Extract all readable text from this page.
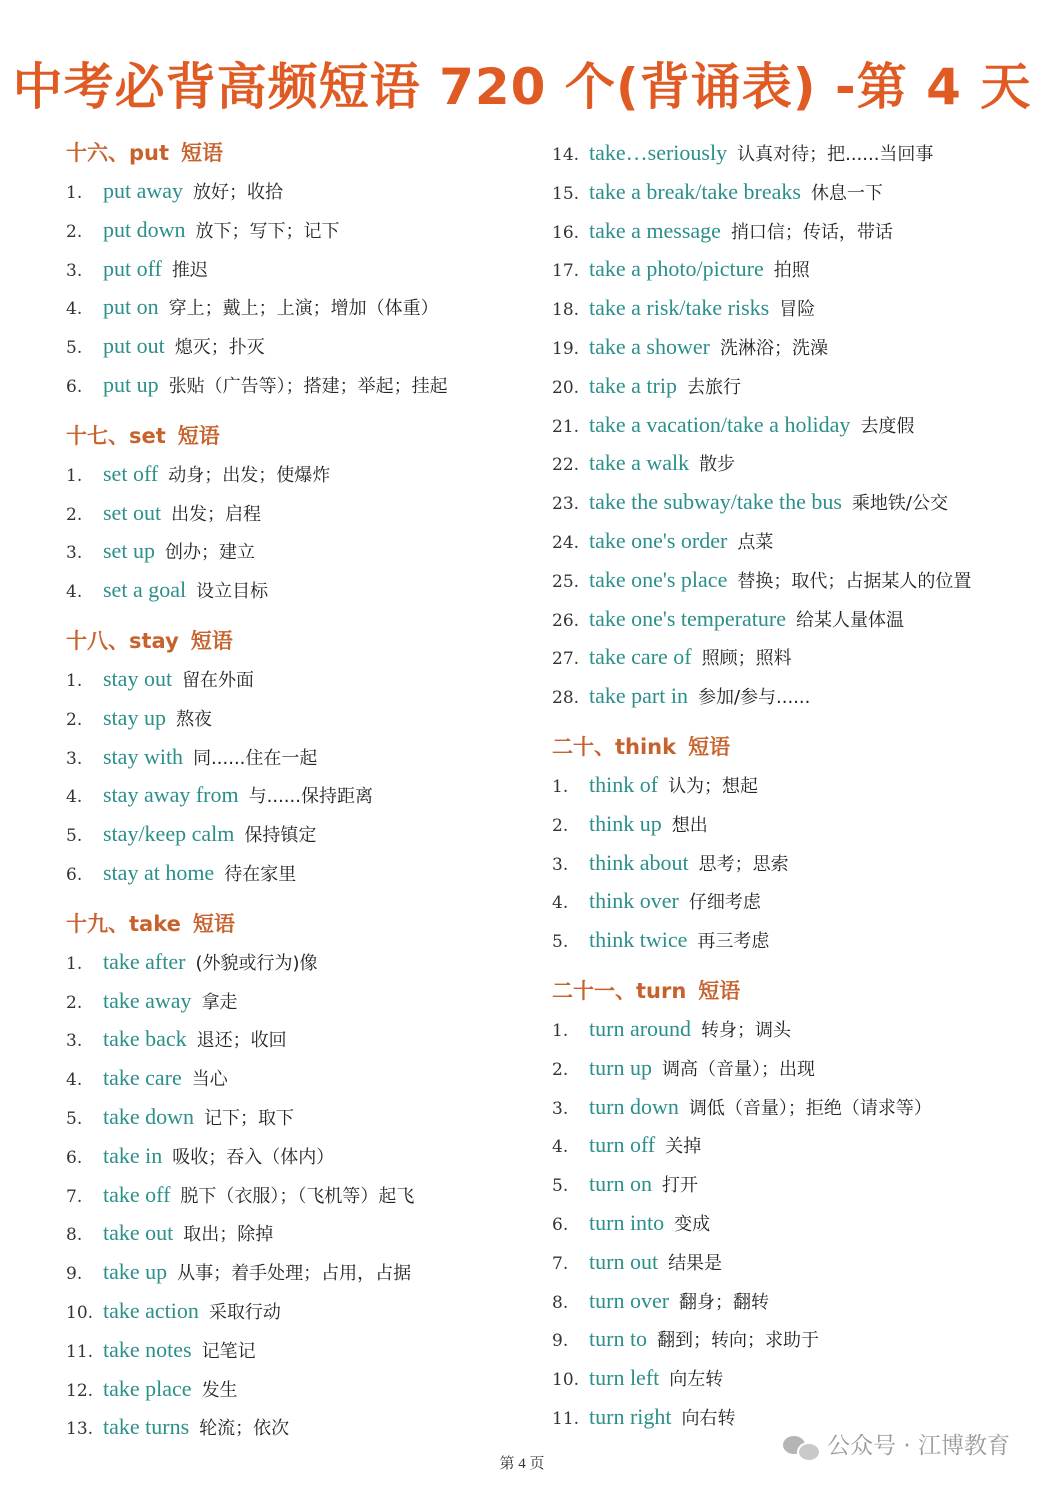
中考必背高频短语 720 个(背诵表) -第 4 天
十六、put 短语
1. put away 放好；收拾
2. put down 放下；写下；记下
3. put off 推迟
4. put on 穿上；戴上；上演；增加（体重）
5. put out 熄灭；扑灭
6. put up 张贴（广告等）；搭建；举起；挂起
十七、set 短语
1. set off 动身；出发；使爆炸
2. set out 出发；启程
3. set up 创办；建立
4. set a goal 设立目标
十八、stay 短语
1. stay out 留在外面
2. stay up 熬夜
3. stay with 同......住在一起
4. stay away from 与......保持距离
5. stay/keep calm 保持镇定
6. stay at home 待在家里
十九、take 短语
1. take after (外貌或行为)像
2. take away 拿走
3. take back 退还；收回
4. take care 当心
5. take down 记下；取下
6. take in 吸收；吞入（体内）
7. take off 脱下（衣服）；（飞机等）起飞
8. take out 取出；除掉
9. take up 从事；着手处理；占用，占据
10. take action 采取行动
11. take notes 记笔记
12. take place 发生
13. take turns 轮流；依次
14. take…seriously 认真对待；把......当回事
15. take a break/take breaks 休息一下
16. take a message 捎口信；传话，带话
17. take a photo/picture 拍照
18. take a risk/take risks 冒险
19. take a shower 洗淋浴；洗澡
20. take a trip 去旅行
21. take a vacation/take a holiday 去度假
22. take a walk 散步
23. take the subway/take the bus 乘地铁/公交
24. take one's order 点菜
25. take one's place 替换；取代；占据某人的位置
26. take one's temperature 给某人量体温
27. take care of 照顾；照料
28. take part in 参加/参与......
二十、think 短语
1. think of 认为；想起
2. think up 想出
3. think about 思考；思索
4. think over 仔细考虑
5. think twice 再三考虑
二十一、turn 短语
1. turn around 转身；调头
2. turn up 调高（音量）；出现
3. turn down 调低（音量）；拒绝（请求等）
4. turn off 关掉
5. turn on 打开
6. turn into 变成
7. turn out 结果是
8. turn over 翻身；翻转
9. turn to 翻到；转向；求助于
10. turn left 向左转
11. turn right 向右转
第 4 页
公众号 · 江博教育
